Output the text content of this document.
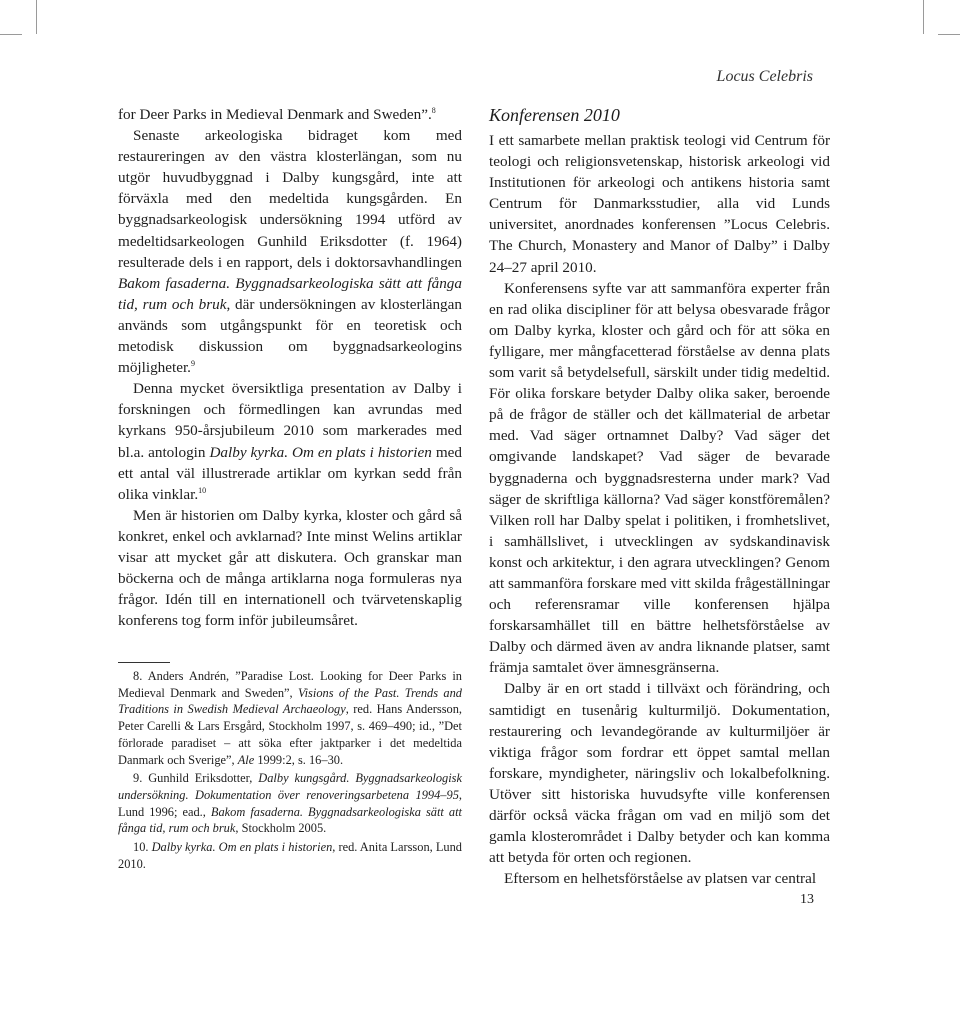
Locus Celebris

for Deer Parks in Medieval Denmark and Sweden”.$^8$

Senaste arkeologiska bidraget kom med restaureringen av den västra klosterlängan, som nu utgör huvudbyggnad i Dalby kungsgård, inte att förväxla med den medeltida kungsgården. En byggnadsarkeologisk undersökning 1994 utförd av medeltidsarkeologen Gunhild Eriksdotter (f. 1964) resulterade dels i en rapport, dels i doktorsavhandlingen Bakom fasaderna. Byggnadsarkeologiska sätt att fånga tid, rum och bruk, där undersökningen av klosterlängan används som utgångspunkt för en teoretisk och metodisk diskussion om byggnadsarkeologins möjligheter.$^9$

Denna mycket översiktliga presentation av Dalby i forskningen och förmedlingen kan avrundas med kyrkans 950-årsjubileum 2010 som markerades med bl.a. antologin Dalby kyrka. Om en plats i historien med ett antal väl illustrerade artiklar om kyrkan sedd från olika vinklar.$^{10}$

Men är historien om Dalby kyrka, kloster och gård så konkret, enkel och avklarnad? Inte minst Welins artiklar visar att mycket går att diskutera. Och granskar man böckerna och de många artiklarna noga formuleras nya frågor. Idén till en internationell och tvärvetenskaplig konferens tog form inför jubileumsåret.

8. Anders Andrén, ”Paradise Lost. Looking for Deer Parks in Medieval Denmark and Sweden”, Visions of the Past. Trends and Traditions in Swedish Medieval Archaeology, red. Hans Andersson, Peter Carelli & Lars Ersgård, Stockholm 1997, s. 469–490; id., ”Det förlorade paradiset – att söka efter jaktparker i det medeltida Danmark och Sverige”, Ale 1999:2, s. 16–30.

9. Gunhild Eriksdotter, Dalby kungsgård. Byggnadsarkeologisk undersökning. Dokumentation över renoveringsarbetena 1994–95, Lund 1996; ead., Bakom fasaderna. Byggnadsarkeologiska sätt att fånga tid, rum och bruk, Stockholm 2005.

10. Dalby kyrka. Om en plats i historien, red. Anita Larsson, Lund 2010.

Konferensen 2010

I ett samarbete mellan praktisk teologi vid Centrum för teologi och religionsvetenskap, historisk arkeologi vid Institutionen för arkeologi och antikens historia samt Centrum för Danmarksstudier, alla vid Lunds universitet, anordnades konferensen ”Locus Celebris. The Church, Monastery and Manor of Dalby” i Dalby 24–27 april 2010.

Konferensens syfte var att sammanföra experter från en rad olika discipliner för att belysa obesvarade frågor om Dalby kyrka, kloster och gård och för att söka en fylligare, mer mångfacetterad förståelse av denna plats som varit så betydelsefull, särskilt under tidig medeltid. För olika forskare betyder Dalby olika saker, beroende på de frågor de ställer och det källmaterial de arbetar med. Vad säger ortnamnet Dalby? Vad säger det omgivande landskapet? Vad säger de bevarade byggnaderna och byggnadsresterna under mark? Vad säger de skriftliga källorna? Vad säger konstföremålen? Vilken roll har Dalby spelat i politiken, i fromhetslivet, i samhällslivet, i utvecklingen av sydskandinavisk konst och arkitektur, i den agrara utvecklingen? Genom att sammanföra forskare med vitt skilda frågeställningar och referensramar ville konferensen hjälpa forskarsamhället till en bättre helhetsförståelse av Dalby och därmed även av andra liknande platser, samt främja samtalet över ämnesgränserna.

Dalby är en ort stadd i tillväxt och förändring, och samtidigt en tusenårig kulturmiljö. Dokumentation, restaurering och levandegörande av kulturmiljöer är viktiga frågor som fordrar ett öppet samtal mellan forskare, myndigheter, näringsliv och lokalbefolkning. Utöver sitt historiska huvudsyfte ville konferensen därför också väcka frågan om vad en miljö som det gamla klosterområdet i Dalby betyder och kan komma att betyda för orten och regionen.

Eftersom en helhetsförståelse av platsen var central

13
